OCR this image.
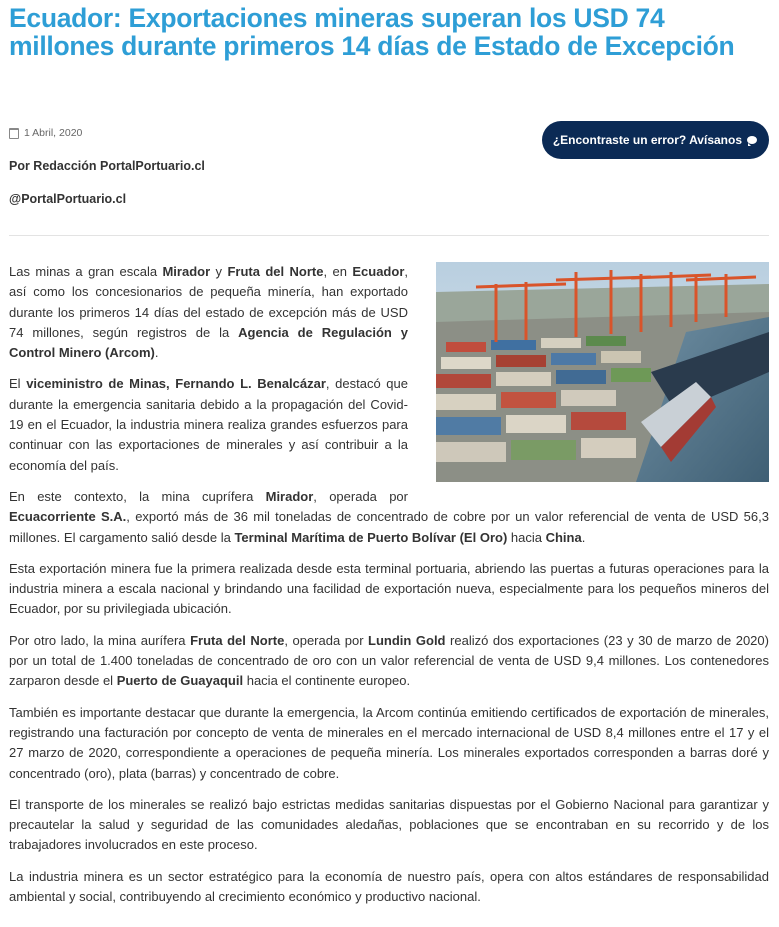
Ecuador: Exportaciones mineras superan los USD 74 millones durante primeros 14 días de Estado de Excepción
1 Abril, 2020	¿Encontraste un error? Avísanos
Por Redacción PortalPortuario.cl
@PortalPortuario.cl

Las minas a gran escala Mirador y Fruta del Norte, en Ecuador, así como los concesionarios de pequeña minería, han exportado durante los primeros 14 días del estado de excepción más de USD 74 millones, según registros de la Agencia de Regulación y Control Minero (Arcom).

El viceministro de Minas, Fernando L. Benalcázar, destacó que durante la emergencia sanitaria debido a la propagación del Covid-19 en el Ecuador, la industria minera realiza grandes esfuerzos para continuar con las exportaciones de minerales y así contribuir a la economía del país.

En este contexto, la mina cuprífera Mirador, operada por Ecuacorriente S.A., exportó más de 36 mil toneladas de concentrado de cobre por un valor referencial de venta de USD 56,3 millones. El cargamento salió desde la Terminal Marítima de Puerto Bolívar (El Oro) hacia China.

Esta exportación minera fue la primera realizada desde esta terminal portuaria, abriendo las puertas a futuras operaciones para la industria minera a escala nacional y brindando una facilidad de exportación nueva, especialmente para los pequeños mineros del Ecuador, por su privilegiada ubicación.

Por otro lado, la mina aurífera Fruta del Norte, operada por Lundin Gold realizó dos exportaciones (23 y 30 de marzo de 2020) por un total de 1.400 toneladas de concentrado de oro con un valor referencial de venta de USD 9,4 millones. Los contenedores zarparon desde el Puerto de Guayaquil hacia el continente europeo.

También es importante destacar que durante la emergencia, la Arcom continúa emitiendo certificados de exportación de minerales, registrando una facturación por concepto de venta de minerales en el mercado internacional de USD 8,4 millones entre el 17 y el 27 marzo de 2020, correspondiente a operaciones de pequeña minería. Los minerales exportados corresponden a barras doré y concentrado (oro), plata (barras) y concentrado de cobre.

El transporte de los minerales se realizó bajo estrictas medidas sanitarias dispuestas por el Gobierno Nacional para garantizar y precautelar la salud y seguridad de las comunidades aledañas, poblaciones que se encontraban en su recorrido y de los trabajadores involucrados en este proceso.

La industria minera es un sector estratégico para la economía de nuestro país, opera con altos estándares de responsabilidad ambiental y social, contribuyendo al crecimiento económico y productivo nacional.
